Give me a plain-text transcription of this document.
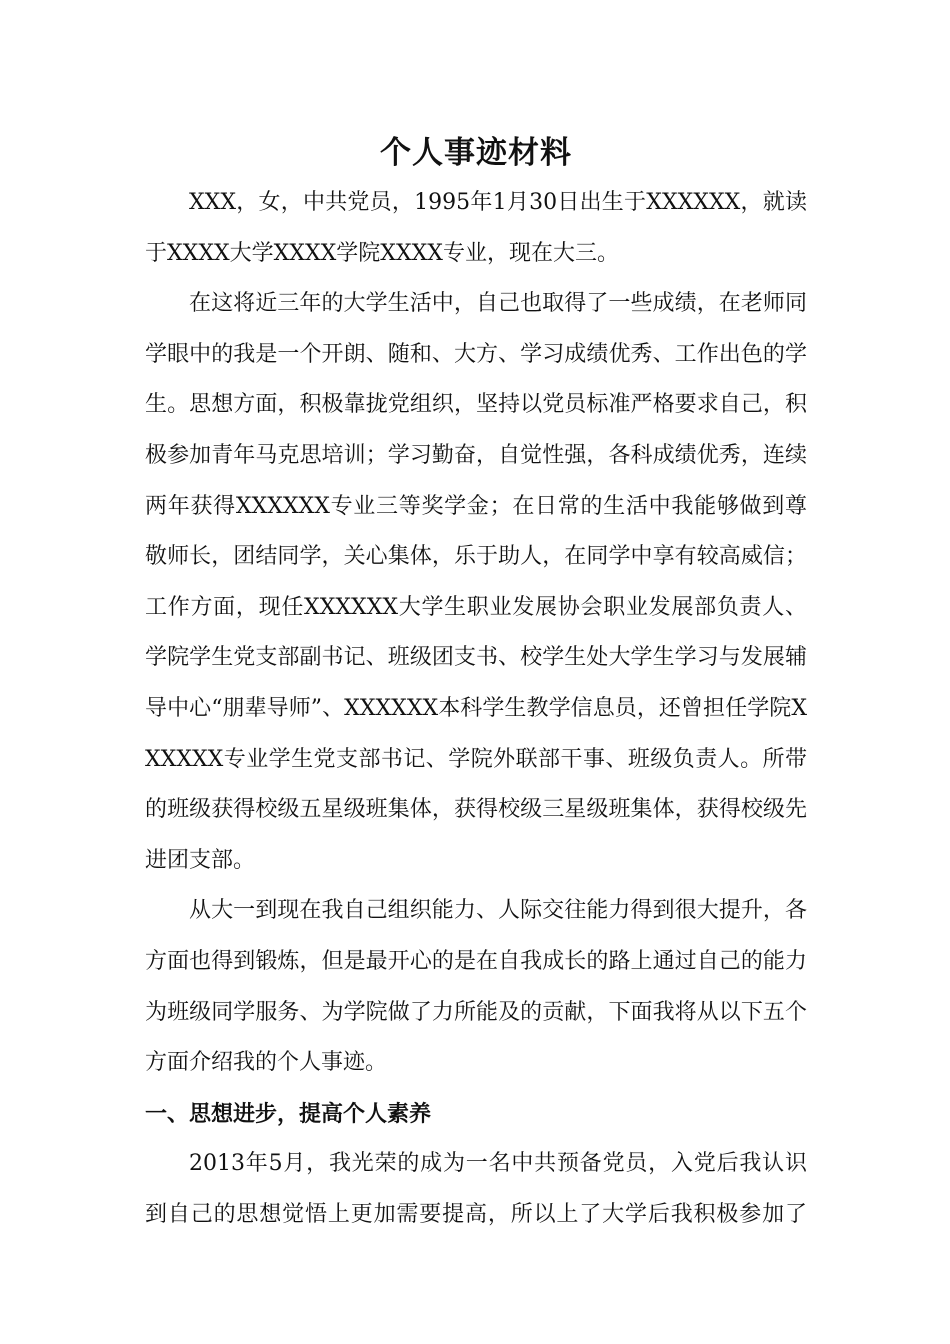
个人事迹材料

XXX，女，中共党员，1995年1月30日出生于XXXXXX，就读于XXXX大学XXXX学院XXXX专业，现在大三。

在这将近三年的大学生活中，自己也取得了一些成绩，在老师同学眼中的我是一个开朗、随和、大方、学习成绩优秀、工作出色的学生。思想方面，积极靠拢党组织，坚持以党员标准严格要求自己，积极参加青年马克思培训；学习勤奋，自觉性强，各科成绩优秀，连续两年获得XXXXXX专业三等奖学金；在日常的生活中我能够做到尊敬师长，团结同学，关心集体，乐于助人，在同学中享有较高威信；工作方面，现任XXXXXX大学生职业发展协会职业发展部负责人、学院学生党支部副书记、班级团支书、校学生处大学生学习与发展辅导中心“朋辈导师”、XXXXXX本科学生教学信息员，还曾担任学院XXXXXX专业学生党支部书记、学院外联部干事、班级负责人。所带的班级获得校级五星级班集体，获得校级三星级班集体，获得校级先进团支部。

从大一到现在我自己组织能力、人际交往能力得到很大提升，各方面也得到锻炼，但是最开心的是在自我成长的路上通过自己的能力为班级同学服务、为学院做了力所能及的贡献，下面我将从以下五个方面介绍我的个人事迹。

一、思想进步，提高个人素养

2013年5月，我光荣的成为一名中共预备党员，入党后我认识到自己的思想觉悟上更加需要提高，所以上了大学后我积极参加了
